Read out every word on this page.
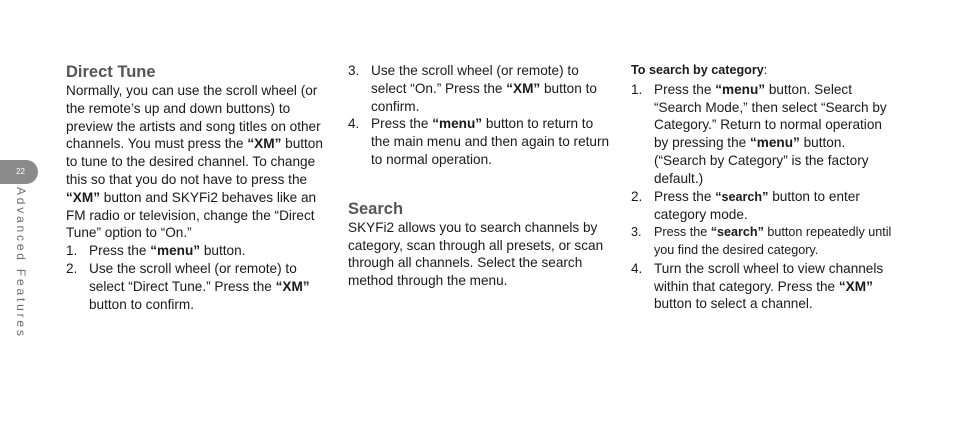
22
Advanced Features
Direct Tune

Normally, you can use the scroll wheel (or the remote’s up and down buttons) to preview the artists and song titles on other channels. You must press the “XM” button to tune to the desired channel. To change this so that you do not have to press the “XM” button and SKYFi2 behaves like an FM radio or television, change the “Direct Tune” option to “On.”

1. Press the “menu” button.
2. Use the scroll wheel (or remote) to select “Direct Tune.” Press the “XM” button to confirm.
3. Use the scroll wheel (or remote) to select “On.” Press the “XM” button to confirm.
4. Press the “menu” button to return to the main menu and then again to return to normal operation.
Search

SKYFi2 allows you to search channels by category, scan through all presets, or scan through all channels. Select the search method through the menu.

To search by category:
1. Press the “menu” button. Select “Search Mode,” then select “Search by Category.” Return to normal operation by pressing the “menu” button. (“Search by Category” is the factory default.)
2. Press the “search” button to enter category mode.
3. Press the “search” button repeatedly until you find the desired category.
4. Turn the scroll wheel to view channels within that category. Press the “XM” button to select a channel.
